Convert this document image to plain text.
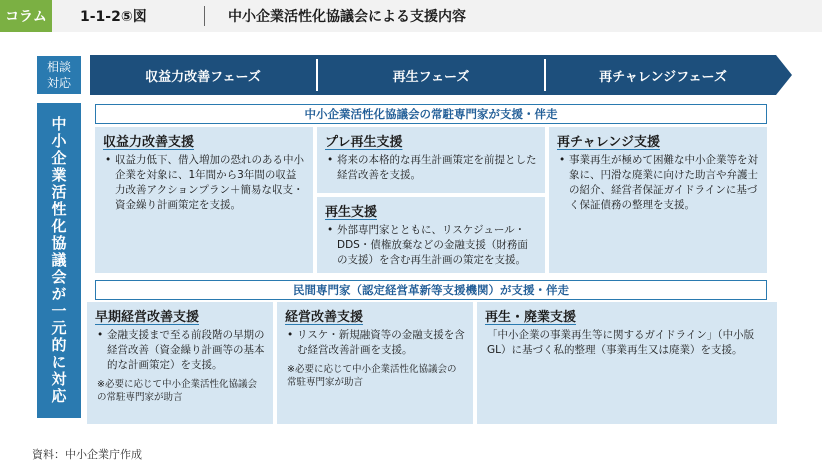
コラム	1-1-2⑤図	中小企業活性化協議会による支援内容
相談
対応
中小企業活性化協議会が一元的に対応
収益力改善フェーズ	再生フェーズ	再チャレンジフェーズ
中小企業活性化協議会の常駐専門家が支援・伴走
収益力改善支援
• 収益力低下、借入増加の恐れのある中小企業を対象に、1年間から3年間の収益力改善アクションプラン＋簡易な収支・資金繰り計画策定を支援。
プレ再生支援
• 将来の本格的な再生計画策定を前提とした経営改善を支援。
再生支援
• 外部専門家とともに、リスケジュール・DDS・債権放棄などの金融支援（財務面の支援）を含む再生計画の策定を支援。
再チャレンジ支援
• 事業再生が極めて困難な中小企業等を対象に、円滑な廃業に向けた助言や弁護士の紹介、経営者保証ガイドラインに基づく保証債務の整理を支援。
民間専門家（認定経営革新等支援機関）が支援・伴走
早期経営改善支援
• 金融支援まで至る前段階の早期の経営改善（資金繰り計画等の基本的な計画策定）を支援。
※必要に応じて中小企業活性化協議会の常駐専門家が助言
経営改善支援
• リスケ・新規融資等の金融支援を含む経営改善計画を支援。
※必要に応じて中小企業活性化協議会の常駐専門家が助言
再生・廃業支援
「中小企業の事業再生等に関するガイドライン」（中小版GL）に基づく私的整理（事業再生又は廃業）を支援。
資料：中小企業庁作成
